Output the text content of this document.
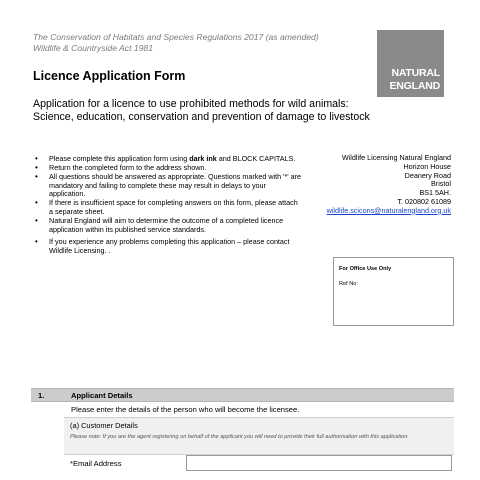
The Conservation of Habitats and Species Regulations 2017 (as amended)
Wildlife & Countryside Act 1981
NATURAL
ENGLAND
Licence Application Form
Application for a licence to use prohibited methods for wild animals: Science, education, conservation and prevention of damage to livestock
• Please complete this application form using dark ink and BLOCK CAPITALS.
• Return the completed form to the address shown.
• All questions should be answered as appropriate. Questions marked with '*' are mandatory and failing to complete these may result in delays to your application.
• If there is insufficient space for completing answers on this form, please attach a separate sheet.
• Natural England will aim to determine the outcome of a completed licence application within its published service standards.
• If you experience any problems completing this application – please contact Wildlife Licensing. .
Wildlife Licensing Natural England
Horizon House
Deanery Road
Bristol
BS1 5AH.
T. 020802 61089
wildlife.scicons@naturalengland.org.uk
For Office Use Only
Ref No:
1.	Applicant Details
Please enter the details of the person who will become the licensee.
(a) Customer Details
Please note: If you are the agent registering on behalf of the applicant you will need to provide their full authorisation with this application.
*Email Address
